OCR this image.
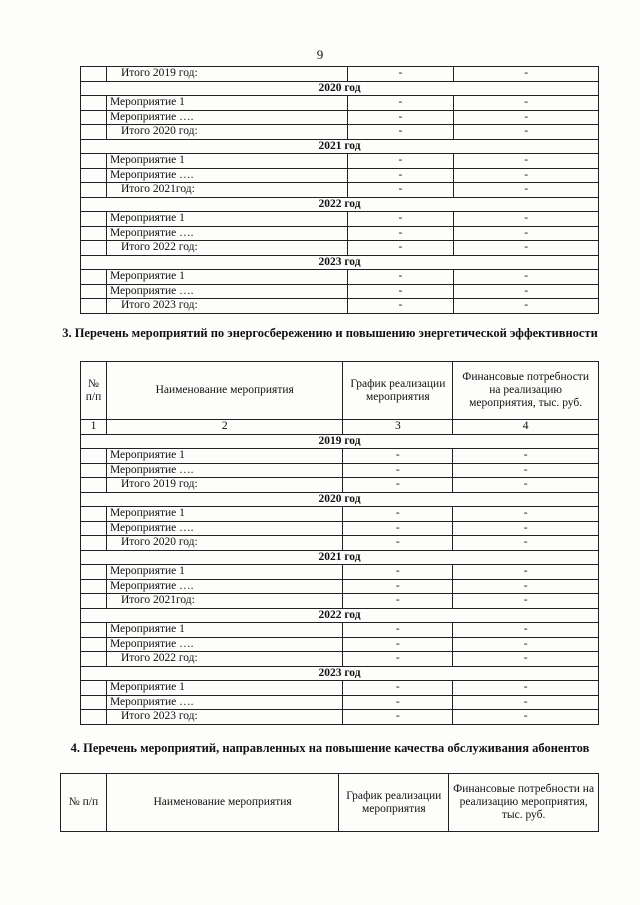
9
	Итого 2019 год:	-	-
2020 год			
	Мероприятие 1	-	-
	Мероприятие ….	-	-
	Итого 2020 год:	-	-
2021 год			
	Мероприятие 1	-	-
	Мероприятие ….	-	-
	Итого 2021год:	-	-
2022 год			
	Мероприятие 1	-	-
	Мероприятие ….	-	-
	Итого 2022 год:	-	-
2023 год			
	Мероприятие 1	-	-
	Мероприятие ….	-	-
	Итого 2023 год:	-	-
3. Перечень мероприятий по энергосбережению и повышению энергетической эффективности
№ п/п	Наименование мероприятия	График реализации мероприятия	Финансовые потребности на реализацию мероприятия, тыс. руб.
1	2	3	4
2019 год			
	Мероприятие 1	-	-
	Мероприятие ….	-	-
	Итого 2019 год:	-	-
2020 год			
	Мероприятие 1	-	-
	Мероприятие ….	-	-
	Итого 2020 год:	-	-
2021 год			
	Мероприятие 1	-	-
	Мероприятие ….	-	-
	Итого 2021год:	-	-
2022 год			
	Мероприятие 1	-	-
	Мероприятие ….	-	-
	Итого 2022 год:	-	-
2023 год			
	Мероприятие 1	-	-
	Мероприятие ….	-	-
	Итого 2023 год:	-	-
4. Перечень мероприятий, направленных на повышение качества обслуживания абонентов
№ п/п	Наименование мероприятия	График реализации мероприятия	Финансовые потребности на реализацию мероприятия, тыс. руб.
